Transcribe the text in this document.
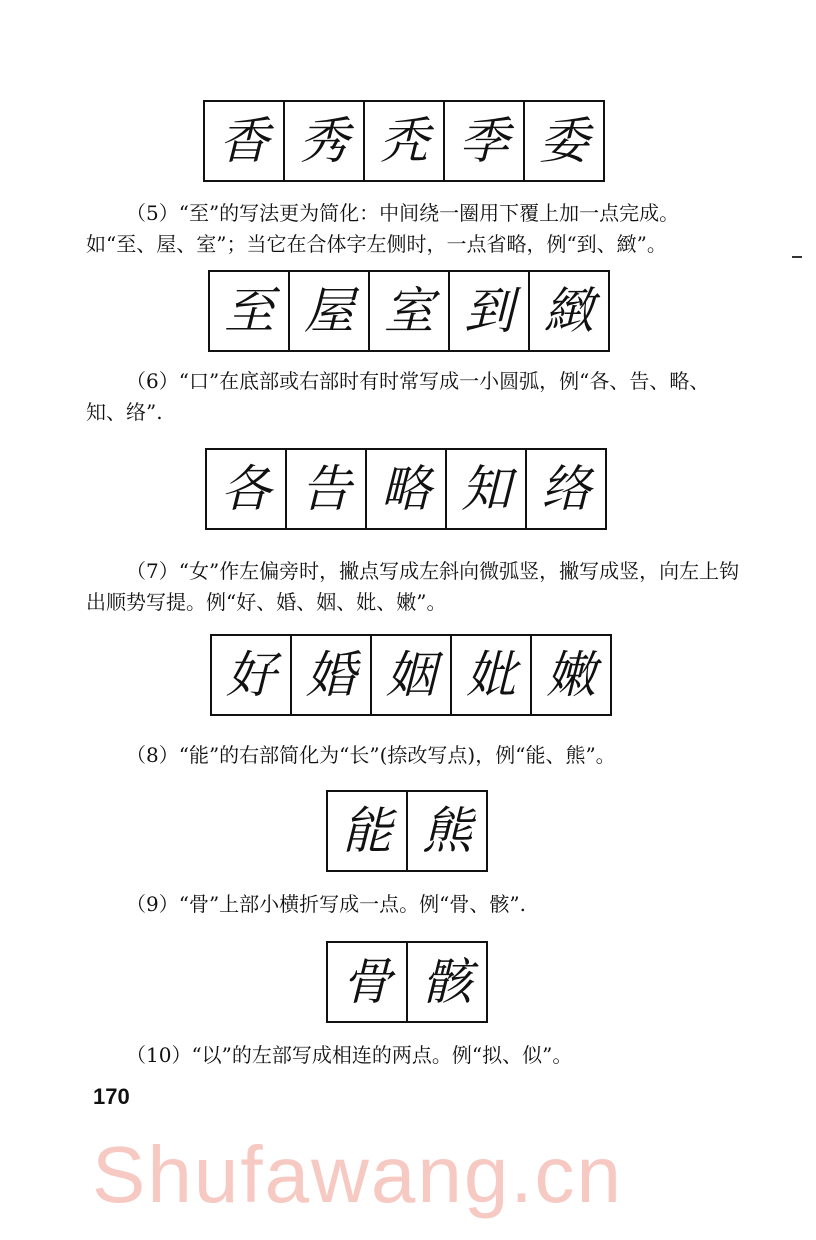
香 秀 秃 季 委

（5）“至”的写法更为简化：中间绕一圈用下覆上加一点完成。如“至、屋、室”；当它在合体字左侧时，一点省略，例“到、緻”。

至 屋 室 到 緻

（6）“口”在底部或右部时有时常写成一小圆弧，例“各、告、略、知、络”.

各 告 略 知 络

（7）“女”作左偏旁时，撇点写成左斜向微弧竖，撇写成竖，向左上钩出顺势写提。例“好、婚、姻、妣、嫩”。

好 婚 姻 妣 嫩

（8）“能”的右部简化为“长”(捺改写点)，例“能、熊”。

能 熊

（9）“骨”上部小横折写成一点。例“骨、骸”.

骨 骸

（10）“以”的左部写成相连的两点。例“拟、似”。

170
Shufawang.cn
